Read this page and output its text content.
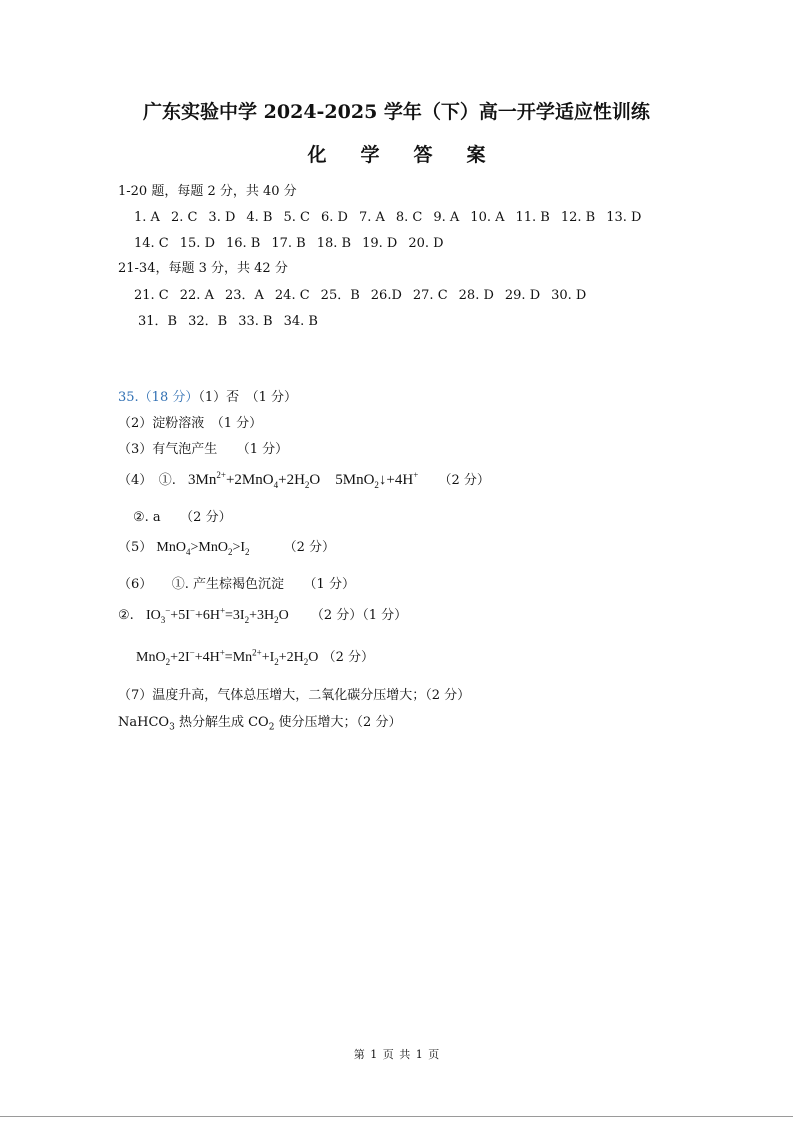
广东实验中学 2024-2025 学年（下）高一开学适应性训练
化学答案
1-20 题，每题 2 分，共 40 分
1. A 2. C 3. D 4. B 5. C 6. D 7. A 8. C 9. A 10. A 11. B 12. B 13. D
14. C 15. D 16. B 17. B 18. B 19. D 20. D
21-34，每题 3 分，共 42 分
21. C 22. A 23．A 24. C 25．B 26.D 27. C 28. D 29. D 30. D
31．B 32．B 33. B 34. B
35.（18 分）（1）否　（1 分）
（2）淀粉溶液　（1 分）
（3）有气泡产生　　（1 分）
（4）　①. $3Mn^{2+}+2MnO_4+2H_2O$　5MnO$_2$↓+4H+ （2 分）
②. a　　（2 分）
（5） $MnO_4>MnO_2>I_2$	（2 分）
（6）　　①. 产生棕褐色沉淀　　（1 分）
②. $IO_3^-+5I^-+6H^+=3I_2+3H_2O$ （2 分）（1 分）
$MnO_2+2I^-+4H^+=Mn^{2+}+I_2+2H_2O$ （2 分）
（7）温度升高，气体总压增大，二氧化碳分压增大；（2 分）
NaHCO$_3$ 热分解生成 $CO_2$ 使分压增大；（2 分）
第 1 页 共 1 页
